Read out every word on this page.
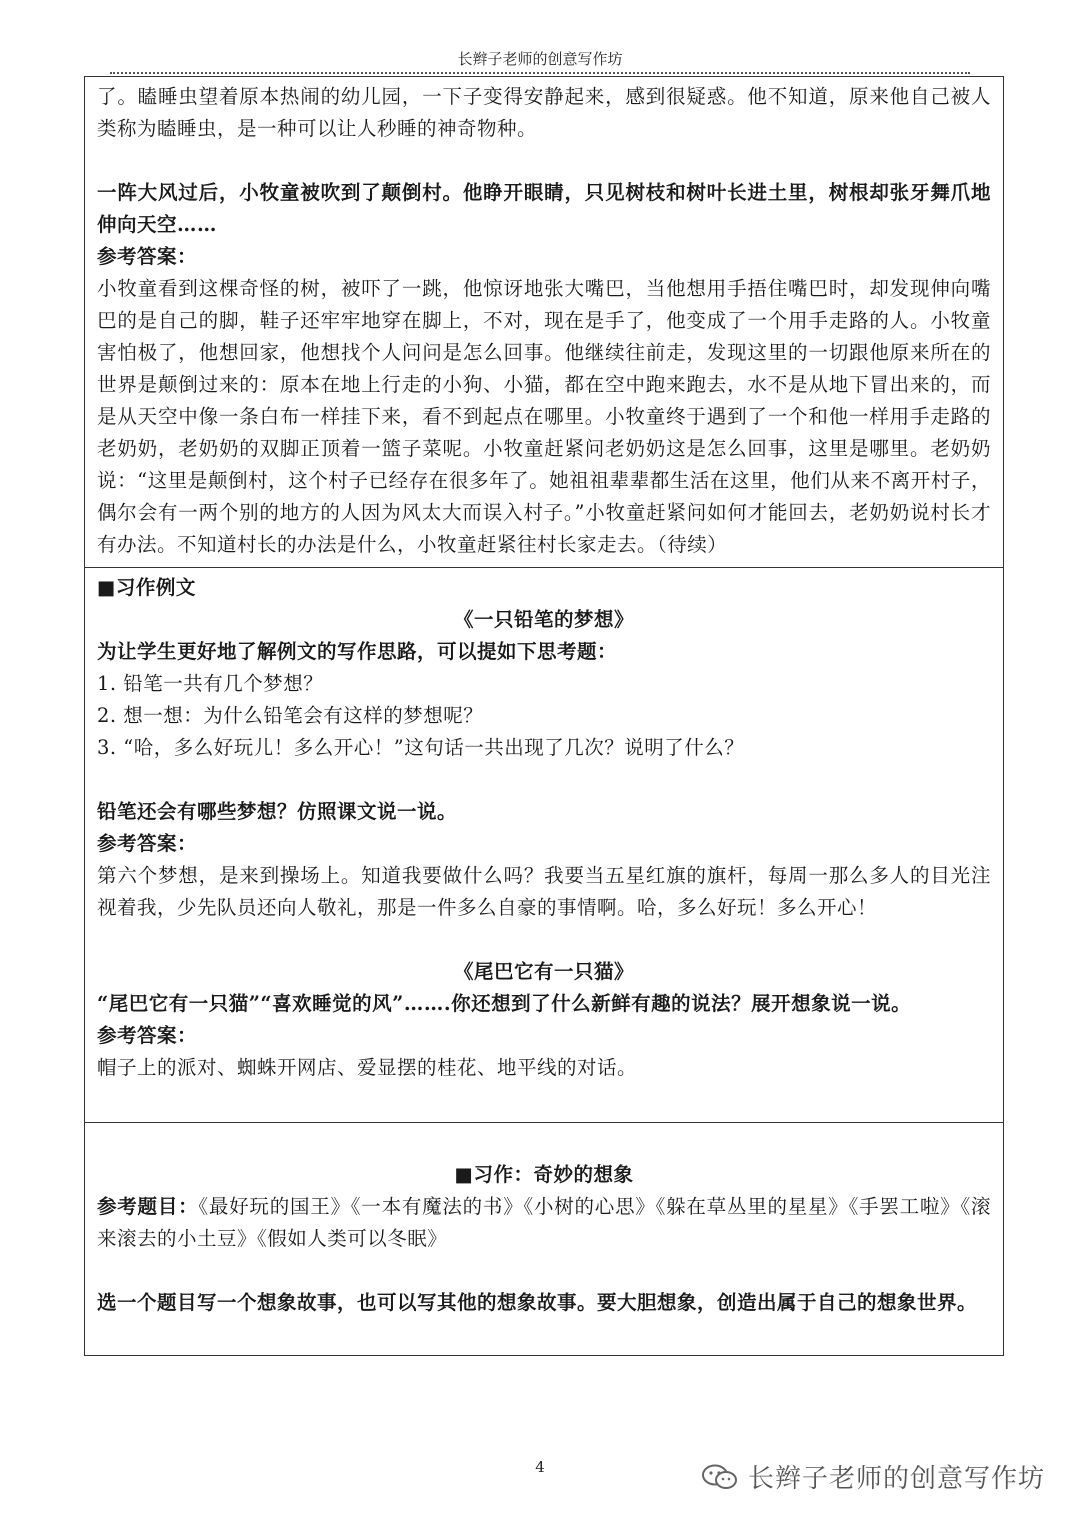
长辫子老师的创意写作坊

了。瞌睡虫望着原本热闹的幼儿园，一下子变得安静起来，感到很疑惑。他不知道，原来他自己被人类称为瞌睡虫，是一种可以让人秒睡的神奇物种。

一阵大风过后，小牧童被吹到了颠倒村。他睁开眼睛，只见树枝和树叶长进土里，树根却张牙舞爪地伸向天空……

参考答案：

小牧童看到这棵奇怪的树，被吓了一跳，他惊讶地张大嘴巴，当他想用手捂住嘴巴时，却发现伸向嘴巴的是自己的脚，鞋子还牢牢地穿在脚上，不对，现在是手了，他变成了一个用手走路的人。小牧童害怕极了，他想回家，他想找个人问问是怎么回事。他继续往前走，发现这里的一切跟他原来所在的世界是颠倒过来的：原本在地上行走的小狗、小猫，都在空中跑来跑去，水不是从地下冒出来的，而是从天空中像一条白布一样挂下来，看不到起点在哪里。小牧童终于遇到了一个和他一样用手走路的老奶奶，老奶奶的双脚正顶着一篮子菜呢。小牧童赶紧问老奶奶这是怎么回事，这里是哪里。老奶奶说：“这里是颠倒村，这个村子已经存在很多年了。她祖祖辈辈都生活在这里，他们从来不离开村子，偶尔会有一两个别的地方的人因为风太大而误入村子。”小牧童赶紧问如何才能回去，老奶奶说村长才有办法。不知道村长的办法是什么，小牧童赶紧往村长家走去。（待续）

■习作例文

《一只铅笔的梦想》

为让学生更好地了解例文的写作思路，可以提如下思考题：

1. 铅笔一共有几个梦想？

2. 想一想：为什么铅笔会有这样的梦想呢？

3. “哈，多么好玩儿！多么开心！”这句话一共出现了几次？说明了什么？

铅笔还会有哪些梦想？仿照课文说一说。

参考答案：

第六个梦想，是来到操场上。知道我要做什么吗？我要当五星红旗的旗杆，每周一那么多人的目光注视着我，少先队员还向人敬礼，那是一件多么自豪的事情啊。哈，多么好玩！多么开心！

《尾巴它有一只猫》

“尾巴它有一只猫”“喜欢睡觉的风”…….你还想到了什么新鲜有趣的说法？展开想象说一说。

参考答案：

帽子上的派对、蜘蛛开网店、爱显摆的桂花、地平线的对话。

■习作：奇妙的想象

参考题目：《最好玩的国王》《一本有魔法的书》《小树的心思》《躲在草丛里的星星》《手罢工啦》《滚来滚去的小土豆》《假如人类可以冬眠》

选一个题目写一个想象故事，也可以写其他的想象故事。要大胆想象，创造出属于自己的想象世界。

4	长辫子老师的创意写作坊
